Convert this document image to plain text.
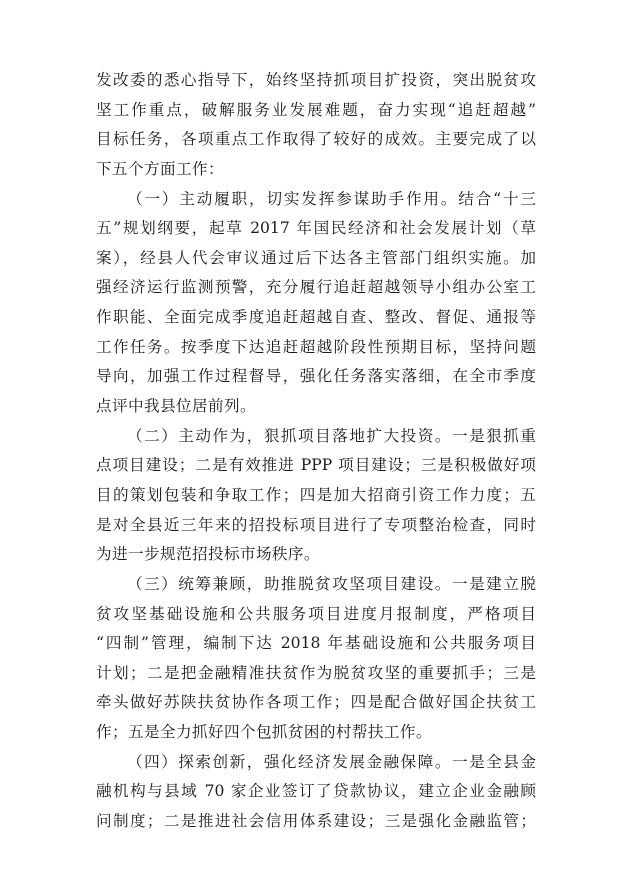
发改委的悉心指导下，始终坚持抓项目扩投资，突出脱贫攻
坚工作重点，破解服务业发展难题，奋力实现“追赶超越”
目标任务，各项重点工作取得了较好的成效。主要完成了以
下五个方面工作：
（一）主动履职，切实发挥参谋助手作用。结合“十三
五”规划纲要，起草 2017 年国民经济和社会发展计划（草
案），经县人代会审议通过后下达各主管部门组织实施。加
强经济运行监测预警，充分履行追赶超越领导小组办公室工
作职能、全面完成季度追赶超越自查、整改、督促、通报等
工作任务。按季度下达追赶超越阶段性预期目标，坚持问题
导向，加强工作过程督导，强化任务落实落细，在全市季度
点评中我县位居前列。
（二）主动作为，狠抓项目落地扩大投资。一是狠抓重
点项目建设；二是有效推进 PPP 项目建设；三是积极做好项
目的策划包装和争取工作；四是加大招商引资工作力度；五
是对全县近三年来的招投标项目进行了专项整治检查，同时
为进一步规范招投标市场秩序。
（三）统筹兼顾，助推脱贫攻坚项目建设。一是建立脱
贫攻坚基础设施和公共服务项目进度月报制度，严格项目
“四制”管理，编制下达 2018 年基础设施和公共服务项目
计划；二是把金融精准扶贫作为脱贫攻坚的重要抓手；三是
牵头做好苏陕扶贫协作各项工作；四是配合做好国企扶贫工
作；五是全力抓好四个包抓贫困的村帮扶工作。
（四）探索创新，强化经济发展金融保障。一是全县金
融机构与县域 70 家企业签订了贷款协议，建立企业金融顾
问制度；二是推进社会信用体系建设；三是强化金融监管；
